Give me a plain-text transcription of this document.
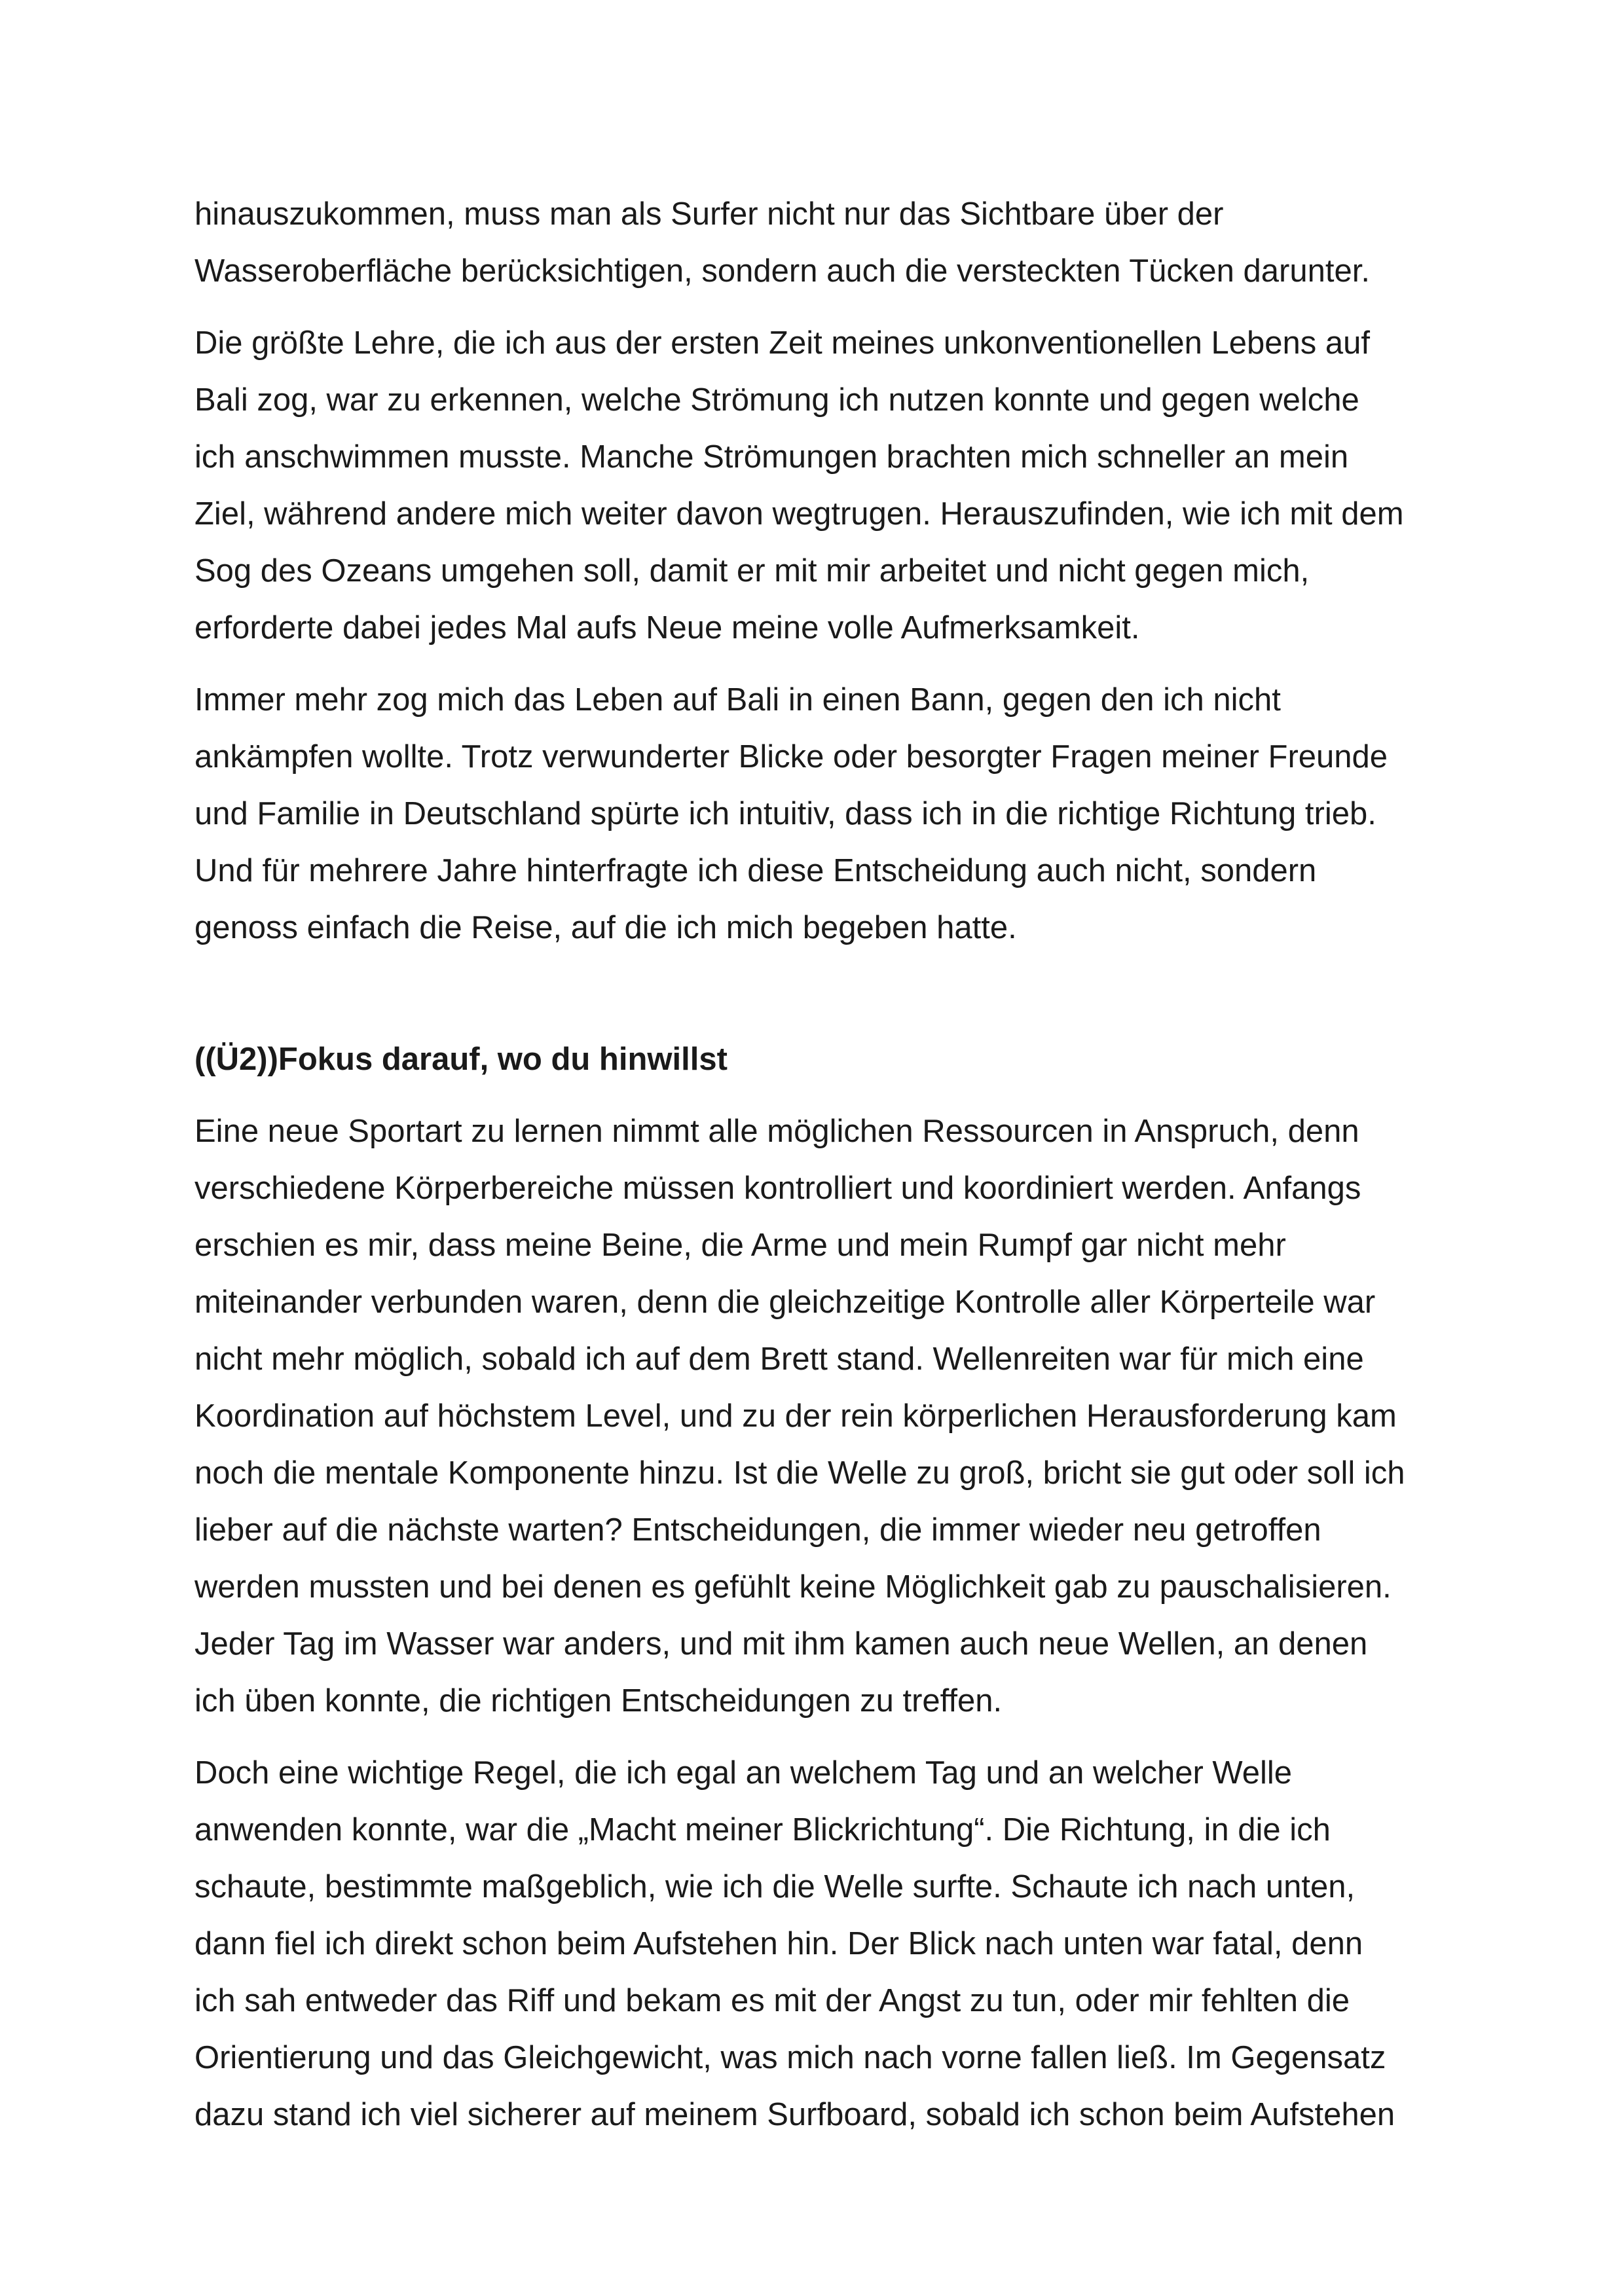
hinauszukommen, muss man als Surfer nicht nur das Sichtbare über der
Wasseroberfläche berücksichtigen, sondern auch die versteckten Tücken darunter.
Die größte Lehre, die ich aus der ersten Zeit meines unkonventionellen Lebens auf
Bali zog, war zu erkennen, welche Strömung ich nutzen konnte und gegen welche
ich anschwimmen musste. Manche Strömungen brachten mich schneller an mein
Ziel, während andere mich weiter davon wegtrugen. Herauszufinden, wie ich mit dem
Sog des Ozeans umgehen soll, damit er mit mir arbeitet und nicht gegen mich,
erforderte dabei jedes Mal aufs Neue meine volle Aufmerksamkeit.
Immer mehr zog mich das Leben auf Bali in einen Bann, gegen den ich nicht
ankämpfen wollte. Trotz verwunderter Blicke oder besorgter Fragen meiner Freunde
und Familie in Deutschland spürte ich intuitiv, dass ich in die richtige Richtung trieb.
Und für mehrere Jahre hinterfragte ich diese Entscheidung auch nicht, sondern
genoss einfach die Reise, auf die ich mich begeben hatte.
((Ü2))Fokus darauf, wo du hinwillst
Eine neue Sportart zu lernen nimmt alle möglichen Ressourcen in Anspruch, denn
verschiedene Körperbereiche müssen kontrolliert und koordiniert werden. Anfangs
erschien es mir, dass meine Beine, die Arme und mein Rumpf gar nicht mehr
miteinander verbunden waren, denn die gleichzeitige Kontrolle aller Körperteile war
nicht mehr möglich, sobald ich auf dem Brett stand. Wellenreiten war für mich eine
Koordination auf höchstem Level, und zu der rein körperlichen Herausforderung kam
noch die mentale Komponente hinzu. Ist die Welle zu groß, bricht sie gut oder soll ich
lieber auf die nächste warten? Entscheidungen, die immer wieder neu getroffen
werden mussten und bei denen es gefühlt keine Möglichkeit gab zu pauschalisieren.
Jeder Tag im Wasser war anders, und mit ihm kamen auch neue Wellen, an denen
ich üben konnte, die richtigen Entscheidungen zu treffen.
Doch eine wichtige Regel, die ich egal an welchem Tag und an welcher Welle
anwenden konnte, war die „Macht meiner Blickrichtung“. Die Richtung, in die ich
schaute, bestimmte maßgeblich, wie ich die Welle surfte. Schaute ich nach unten,
dann fiel ich direkt schon beim Aufstehen hin. Der Blick nach unten war fatal, denn
ich sah entweder das Riff und bekam es mit der Angst zu tun, oder mir fehlten die
Orientierung und das Gleichgewicht, was mich nach vorne fallen ließ. Im Gegensatz
dazu stand ich viel sicherer auf meinem Surfboard, sobald ich schon beim Aufstehen
